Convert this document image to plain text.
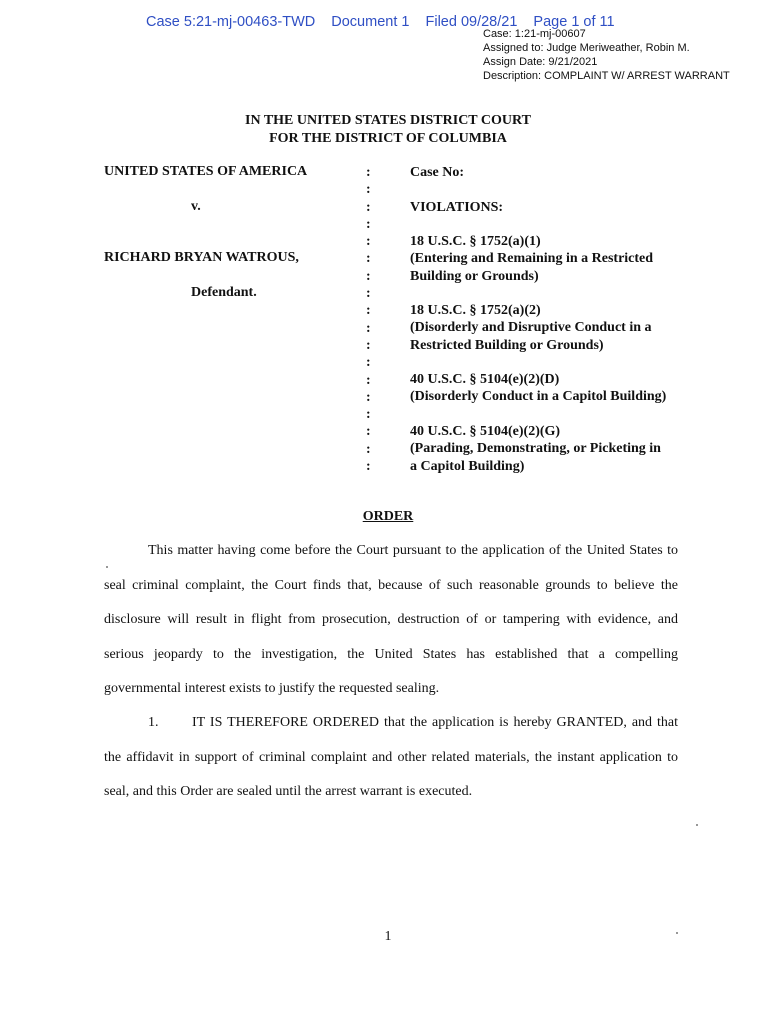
Case 5:21-mj-00463-TWD Document 1 Filed 09/28/21 Page 1 of 11
Case: 1:21-mj-00607
Assigned to: Judge Meriweather, Robin M.
Assign Date: 9/21/2021
Description: COMPLAINT W/ ARREST WARRANT
IN THE UNITED STATES DISTRICT COURT
FOR THE DISTRICT OF COLUMBIA
UNITED STATES OF AMERICA
v.
RICHARD BRYAN WATROUS,
Defendant.
:
:
:
:
:
:
:
:
:
:
:
:
:
:
:
:
:
:
Case No:
VIOLATIONS:
18 U.S.C. § 1752(a)(1)
(Entering and Remaining in a Restricted
Building or Grounds)
18 U.S.C. § 1752(a)(2)
(Disorderly and Disruptive Conduct in a
Restricted Building or Grounds)
40 U.S.C. § 5104(e)(2)(D)
(Disorderly Conduct in a Capitol Building)
40 U.S.C. § 5104(e)(2)(G)
(Parading, Demonstrating, or Picketing in
a Capitol Building)
ORDER
This matter having come before the Court pursuant to the application of the United States to seal criminal complaint, the Court finds that, because of such reasonable grounds to believe the disclosure will result in flight from prosecution, destruction of or tampering with evidence, and serious jeopardy to the investigation, the United States has established that a compelling governmental interest exists to justify the requested sealing.
1. IT IS THEREFORE ORDERED that the application is hereby GRANTED, and that the affidavit in support of criminal complaint and other related materials, the instant application to seal, and this Order are sealed until the arrest warrant is executed.
1
